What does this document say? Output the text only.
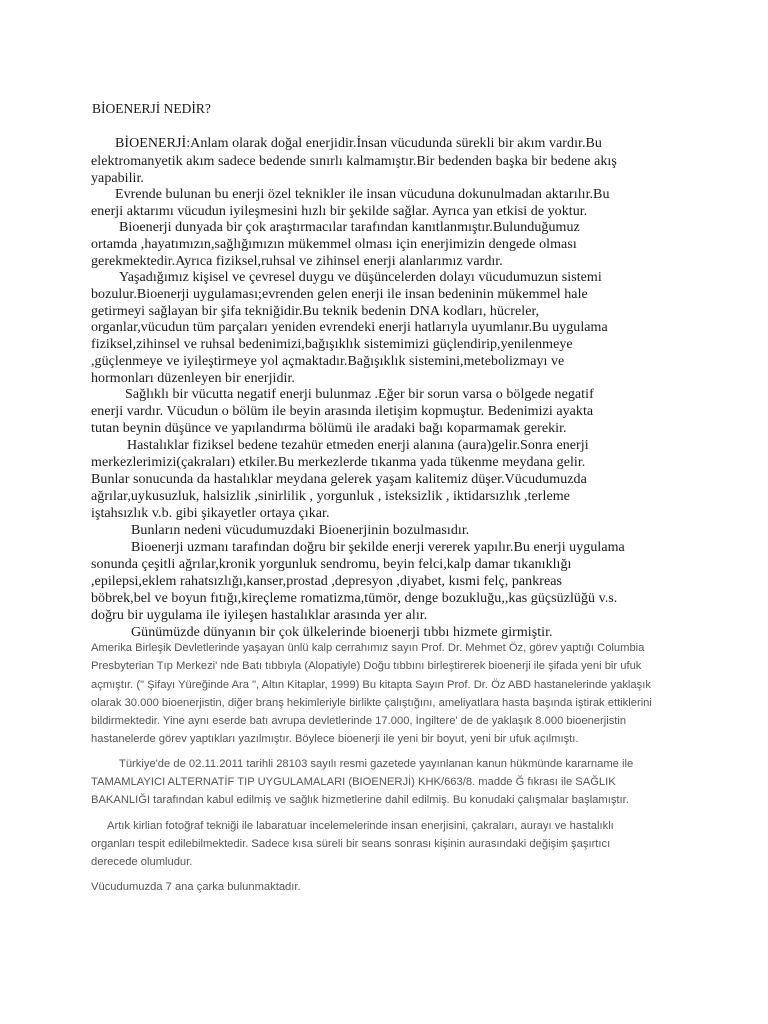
BİOENERJİ NEDİR?
BİOENERJİ:Anlam olarak doğal enerjidir.İnsan vücudunda sürekli bir akım vardır.Bu
elektromanyetik akım sadece bedende sınırlı kalmamıştır.Bir bedenden başka bir bedene akış
yapabilir.
Evrende bulunan bu enerji özel teknikler ile insan vücuduna dokunulmadan aktarılır.Bu
enerji aktarımı vücudun iyileşmesini hızlı bir şekilde sağlar. Ayrıca yan etkisi de yoktur.
Bioenerji dunyada bir çok araştırmacılar tarafından kanıtlanmıştır.Bulunduğumuz
ortamda ,hayatımızın,sağlığımızın mükemmel olması için enerjimizin dengede olması
gerekmektedir.Ayrıca fiziksel,ruhsal ve zihinsel enerji alanlarımız vardır.
Yaşadığımız kişisel ve çevresel duygu ve düşüncelerden dolayı vücudumuzun sistemi
bozulur.Bioenerji uygulaması;evrenden gelen enerji ile insan bedeninin mükemmel hale
getirmeyi sağlayan bir şifa tekniğidir.Bu teknik bedenin DNA kodları, hücreler,
organlar,vücudun tüm parçaları yeniden evrendeki enerji hatlarıyla uyumlanır.Bu uygulama
fiziksel,zihinsel ve ruhsal bedenimizi,bağışıklık sistemimizi güçlendirip,yenilenmeye
,güçlenmeye ve iyileştirmeye yol açmaktadır.Bağışıklık sistemini,metebolizmayı ve
hormonları düzenleyen bir enerjidir.
Sağlıklı bir vücutta negatif enerji bulunmaz .Eğer bir sorun varsa o bölgede negatif
enerji vardır. Vücudun o bölüm ile beyin arasında iletişim kopmuştur. Bedenimizi ayakta
tutan beynin düşünce ve yapılandırma bölümü ile aradaki bağı koparmamak gerekir.
Hastalıklar fiziksel bedene tezahür etmeden enerji alanına (aura)gelir.Sonra enerji
merkezlerimizi(çakraları) etkiler.Bu merkezlerde tıkanma yada tükenme meydana gelir.
Bunlar sonucunda da hastalıklar meydana gelerek yaşam kalitemiz düşer.Vücudumuzda
ağrılar,uykusuzluk, halsizlik ,sinirlilik , yorgunluk , isteksizlik , iktidarsızlık ,terleme
iştahsızlık v.b. gibi şikayetler ortaya çıkar.
Bunların nedeni vücudumuzdaki Bioenerjinin bozulmasıdır.
Bioenerji uzmanı tarafından doğru bir şekilde enerji vererek yapılır.Bu enerji uygulama
sonunda çeşitli ağrılar,kronik yorgunluk sendromu, beyin felci,kalp damar tıkanıklığı
,epilepsi,eklem rahatsızlığı,kanser,prostad ,depresyon ,diyabet, kısmi felç, pankreas
böbrek,bel ve boyun fıtığı,kireçleme romatizma,tümör, denge bozukluğu,,kas güçsüzlüğü v.s.
doğru bir uygulama ile iyileşen hastalıklar arasında yer alır.
Günümüzde dünyanın bir çok ülkelerinde bioenerji tıbbı hizmete girmiştir.
Amerika Birleşik Devletlerinde yaşayan ünlü kalp cerrahımız sayın Prof. Dr. Mehmet Öz, görev yaptığı Columbia
Presbyterian Tıp Merkezi' nde Batı tıbbıyla (Alopatiyle) Doğu tıbbını birleştirerek bioenerji ile şifada yeni bir ufuk
açmıştır. (" Şifayı Yüreğinde Ara ", Altın Kitaplar, 1999) Bu kitapta Sayın Prof. Dr. Öz ABD hastanelerinde yaklaşık
olarak 30.000 bioenerjistin, diğer branş hekimleriyle birlikte çalıştığını, ameliyatlara hasta başında iştirak ettiklerini
bildirmektedir. Yine aynı eserde batı avrupa devletlerinde 17.000, İngiltere' de de yaklaşık 8.000 bioenerjistin
hastanelerde görev yaptıkları yazılmıştır. Böylece bioenerji ile yeni bir boyut, yeni bir ufuk açılmıştı.
Türkiye'de de 02.11.2011 tarihli 28103 sayılı resmi gazetede yayınlanan kanun hükmünde kararname ile
TAMAMLAYICI ALTERNATİF TIP UYGULAMALARI (BIOENERJİ) KHK/663/8. madde Ğ fıkrası ile SAĞLIK
BAKANLIĞI tarafından kabul edilmiş ve sağlık hizmetlerine dahil edilmiş. Bu konudaki çalışmalar başlamıştır.
Artık kirlian fotoğraf tekniği ile labaratuar incelemelerinde insan enerjisini, çakraları, aurayı ve hastalıklı
organları tespit edilebilmektedir. Sadece kısa süreli bir seans sonrası kişinin aurasındaki değişim şaşırtıcı
derecede olumludur.
Vücudumuzda 7 ana çarka bulunmaktadır.
